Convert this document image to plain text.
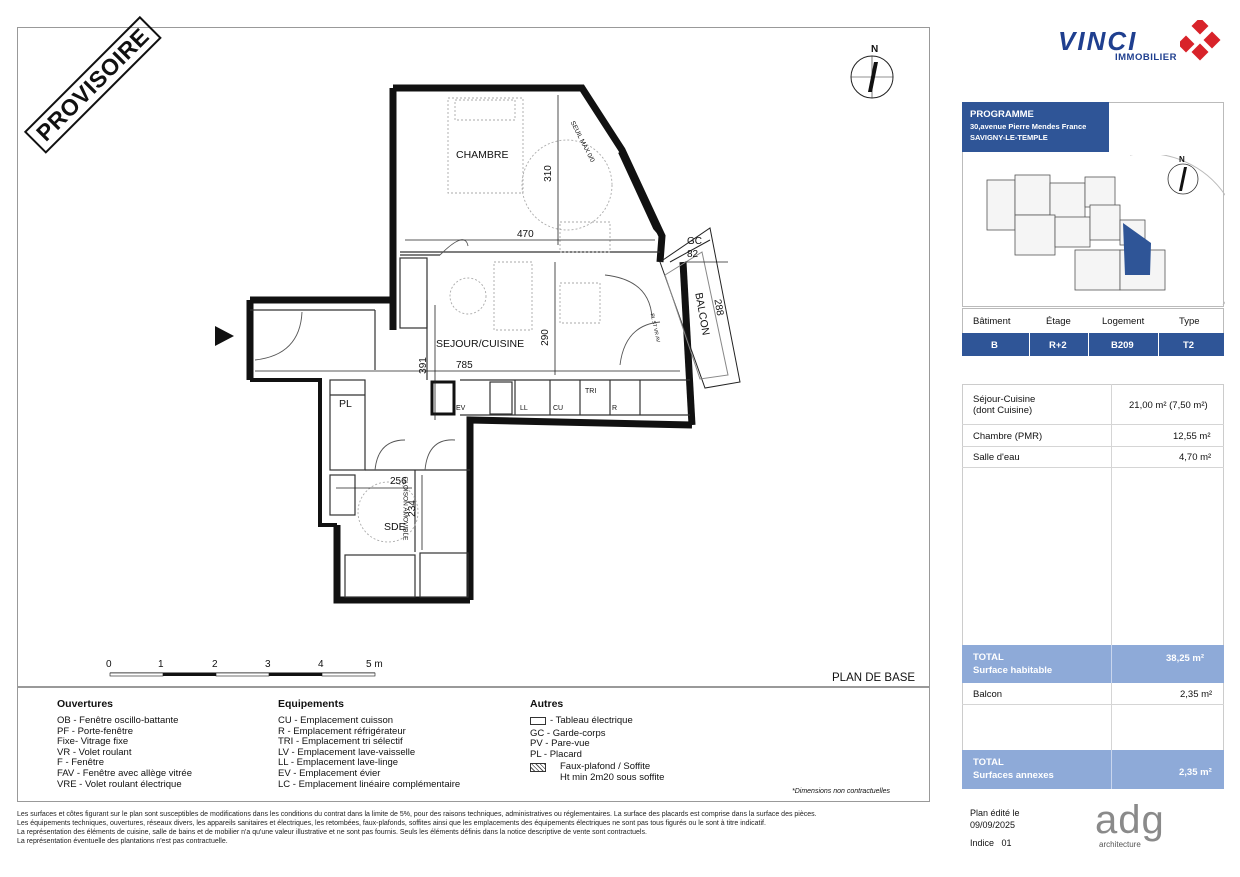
PROVISOIRE	N
CHAMBRE
SEJOUR/CUISINE
SDE
PL
BALCON
GC
310
470
82
288
290
391	785
256
234
SEUIL MAX 0/0
CLOISON AMOVIBLE
PL ST VR AV
EV	LL	CU
TRI
R
0	1	2	3	4	5 m
PLAN DE BASE
Ouvertures
OB - Fenêtre oscillo-battante
PF - Porte-fenêtre
Fixe- Vitrage fixe
VR - Volet roulant
F - Fenêtre
FAV - Fenêtre avec allège vitrée
VRE - Volet roulant électrique
Equipements
CU - Emplacement cuisson
R - Emplacement réfrigérateur
TRI - Emplacement tri sélectif
LV - Emplacement lave-vaisselle
LL - Emplacement lave-linge
EV - Emplacement évier
LC - Emplacement linéaire complémentaire
Autres
- Tableau électrique
GC - Garde-corps
PV - Pare-vue
PL - Placard
Faux-plafond / Soffite
Ht min 2m20 sous soffite
*Dimensions non contractuelles
Les surfaces et côtes figurant sur le plan sont susceptibles de modifications dans les conditions du contrat dans la limite de 5%, pour des raisons techniques, administratives ou réglementaires. La surface des placards est comprise dans la surface des pièces.
Les équipements techniques, ouvertures, réseaux divers, les appareils sanitaires et électriques, les retombées, faux-plafonds, soffites ainsi que les emplacements des équipements électriques ne sont pas tous figurés ou le sont à titre indicatif.
La représentation des éléments de cuisine, salle de bains et de mobilier n'a qu'une valeur illustrative et ne sont pas fournis. Seuls les éléments définis dans la notice descriptive de vente sont contractuels.
La représentation éventuelle des plantations n'est pas contractuelle.
VINCI
IMMOBILIER
PROGRAMME
30,avenue Pierre Mendes France
SAVIGNY-LE-TEMPLE
N
Bâtiment	Étage	Logement	Type
B	R+2	B209	T2
Séjour-Cuisine
(dont Cuisine)	21,00 m² (7,50 m²)
Chambre (PMR)	12,55 m²
Salle d'eau	4,70 m²
TOTAL
Surface habitable
38,25 m²
Balcon	2,35 m²
TOTAL
Surfaces annexes	2,35 m²
Plan édité le
09/09/2025
Indice   01
adg
architecture
